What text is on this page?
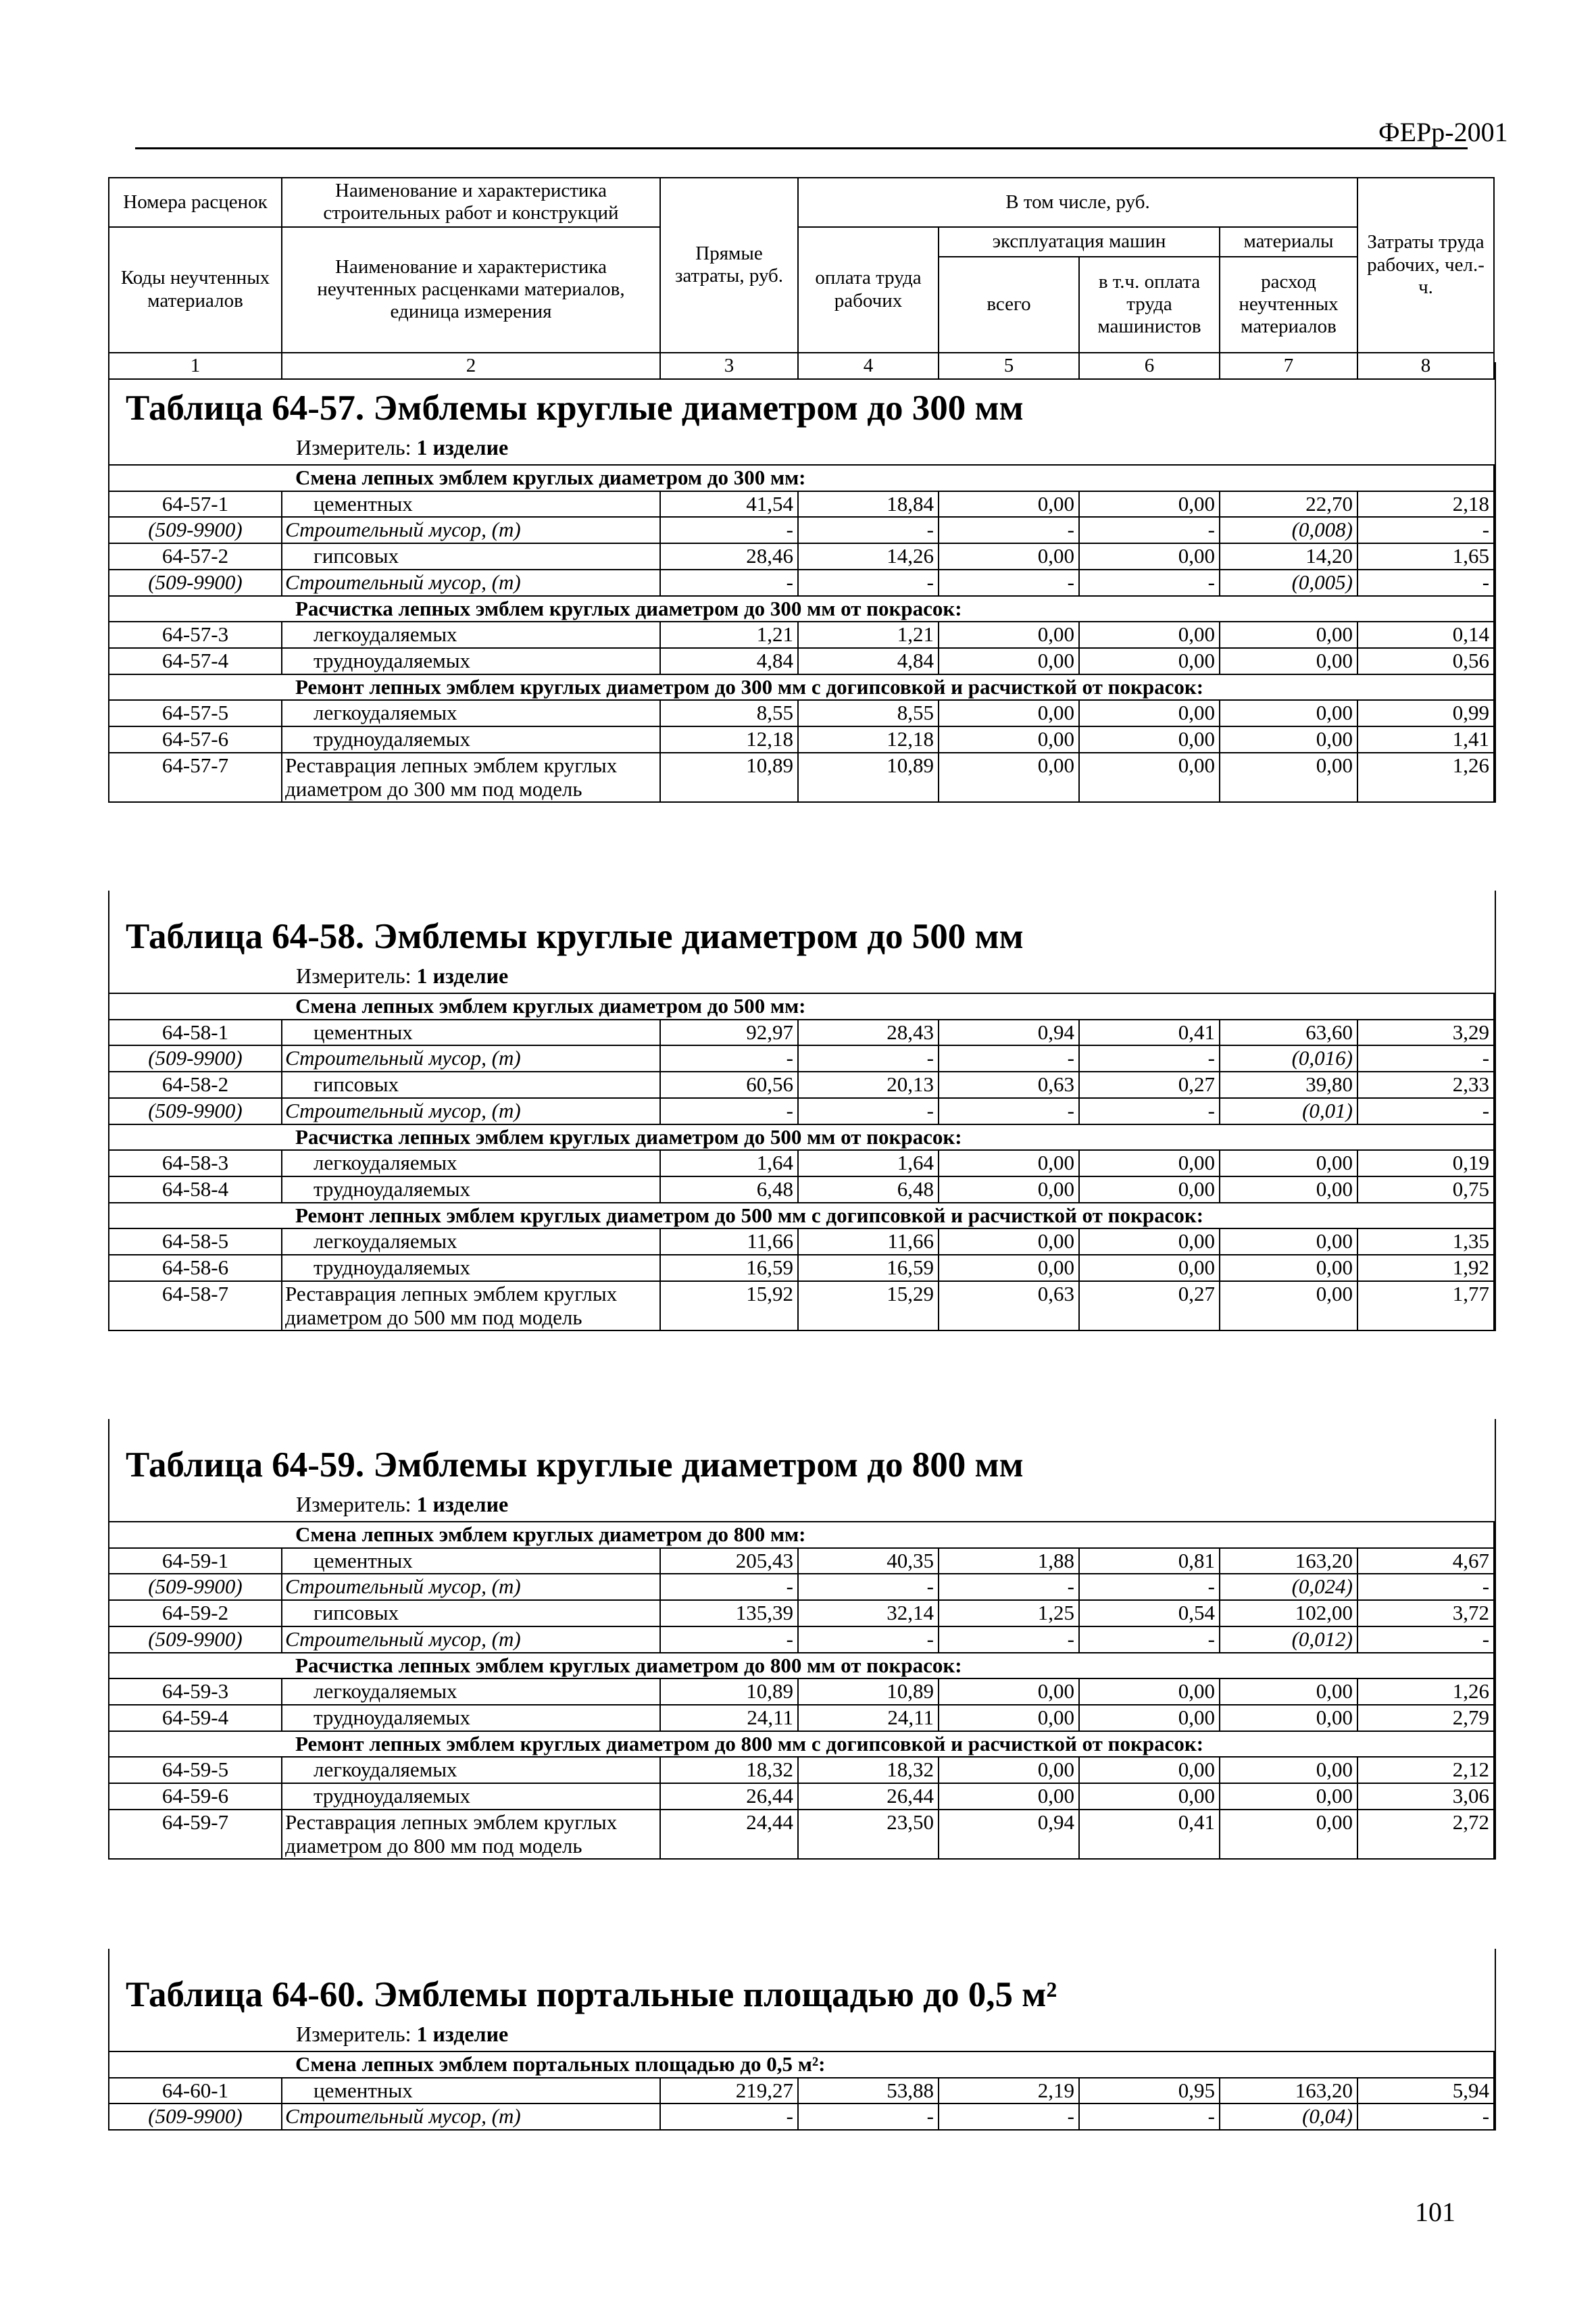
ФЕРр-2001
Номера расценок	Наименование и характеристика строительных работ и конструкций	Прямые затраты, руб.	В том числе, руб.				Затраты труда рабочих, чел.-ч.
Коды неучтенных материалов	Наименование и характеристика неучтенных расценками материалов, единица измерения		оплата труда рабочих	эксплуатация машин		материалы	
				всего	в т.ч. оплата труда машинистов	расход неучтенных материалов	
1	2	3	4	5	6	7	8
Таблица 64-57. Эмблемы круглые диаметром до 300 мм
Измеритель: 1 изделие
	Смена лепных эмблем круглых диаметром до 300 мм:						
64-57-1	цементных	41,54	18,84	0,00	0,00	22,70	2,18
(509-9900)	Строительный мусор, (т)	-	-	-	-	(0,008)	-
64-57-2	гипсовых	28,46	14,26	0,00	0,00	14,20	1,65
(509-9900)	Строительный мусор, (т)	-	-	-	-	(0,005)	-
	Расчистка лепных эмблем круглых диаметром до 300 мм от покрасок:						
64-57-3	легкоудаляемых	1,21	1,21	0,00	0,00	0,00	0,14
64-57-4	трудноудаляемых	4,84	4,84	0,00	0,00	0,00	0,56
	Ремонт лепных эмблем круглых диаметром до 300 мм с догипсовкой и расчисткой от покрасок:						
64-57-5	легкоудаляемых	8,55	8,55	0,00	0,00	0,00	0,99
64-57-6	трудноудаляемых	12,18	12,18	0,00	0,00	0,00	1,41
64-57-7	Реставрация лепных эмблем круглых диаметром до 300 мм под модель	10,89	10,89	0,00	0,00	0,00	1,26
Таблица 64-58. Эмблемы круглые диаметром до 500 мм
Измеритель: 1 изделие
	Смена лепных эмблем круглых диаметром до 500 мм:						
64-58-1	цементных	92,97	28,43	0,94	0,41	63,60	3,29
(509-9900)	Строительный мусор, (т)	-	-	-	-	(0,016)	-
64-58-2	гипсовых	60,56	20,13	0,63	0,27	39,80	2,33
(509-9900)	Строительный мусор, (т)	-	-	-	-	(0,01)	-
	Расчистка лепных эмблем круглых диаметром до 500 мм от покрасок:						
64-58-3	легкоудаляемых	1,64	1,64	0,00	0,00	0,00	0,19
64-58-4	трудноудаляемых	6,48	6,48	0,00	0,00	0,00	0,75
	Ремонт лепных эмблем круглых диаметром до 500 мм с догипсовкой и расчисткой от покрасок:						
64-58-5	легкоудаляемых	11,66	11,66	0,00	0,00	0,00	1,35
64-58-6	трудноудаляемых	16,59	16,59	0,00	0,00	0,00	1,92
64-58-7	Реставрация лепных эмблем круглых диаметром до 500 мм под модель	15,92	15,29	0,63	0,27	0,00	1,77
Таблица 64-59. Эмблемы круглые диаметром до 800 мм
Измеритель: 1 изделие
	Смена лепных эмблем круглых диаметром до 800 мм:						
64-59-1	цементных	205,43	40,35	1,88	0,81	163,20	4,67
(509-9900)	Строительный мусор, (т)	-	-	-	-	(0,024)	-
64-59-2	гипсовых	135,39	32,14	1,25	0,54	102,00	3,72
(509-9900)	Строительный мусор, (т)	-	-	-	-	(0,012)	-
	Расчистка лепных эмблем круглых диаметром до 800 мм от покрасок:						
64-59-3	легкоудаляемых	10,89	10,89	0,00	0,00	0,00	1,26
64-59-4	трудноудаляемых	24,11	24,11	0,00	0,00	0,00	2,79
	Ремонт лепных эмблем круглых диаметром до 800 мм с догипсовкой и расчисткой от покрасок:						
64-59-5	легкоудаляемых	18,32	18,32	0,00	0,00	0,00	2,12
64-59-6	трудноудаляемых	26,44	26,44	0,00	0,00	0,00	3,06
64-59-7	Реставрация лепных эмблем круглых диаметром до 800 мм под модель	24,44	23,50	0,94	0,41	0,00	2,72
Таблица 64-60. Эмблемы портальные площадью до 0,5 м²
Измеритель: 1 изделие
	Смена лепных эмблем портальных площадью до 0,5 м²:						
64-60-1	цементных	219,27	53,88	2,19	0,95	163,20	5,94
(509-9900)	Строительный мусор, (т)	-	-	-	-	(0,04)	-
101
